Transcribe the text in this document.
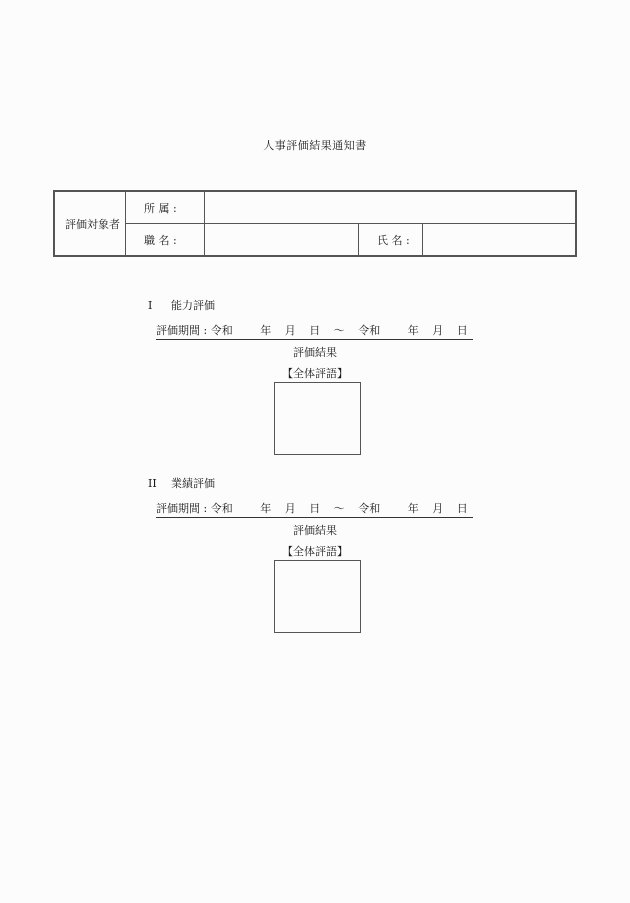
人事評価結果通知書
評価対象者	所 属 :			
	職 名 :		氏 名 :	
I 能力評価
評価期間 : 令和	年 月 日 〜 令和	年 月 日
評価結果
【全体評語】
II 業績評価
評価期間 : 令和	年 月 日 〜 令和	年 月 日
評価結果
【全体評語】
